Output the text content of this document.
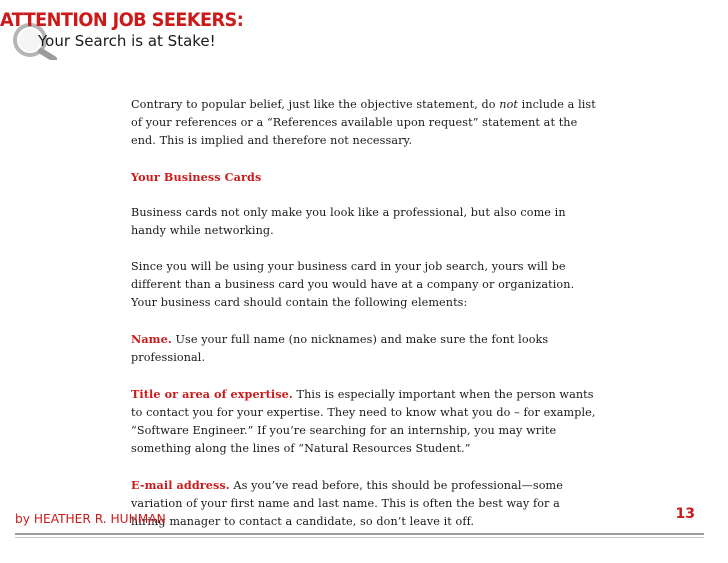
ATTENTION JOB SEEKERS:
Your Search is at Stake!

Contrary to popular belief, just like the objective statement, do not include a list of your references or a “References available upon request” statement at the end. This is implied and therefore not necessary.

Your Business Cards

Business cards not only make you look like a professional, but also come in handy while networking.

Since you will be using your business card in your job search, yours will be different than a business card you would have at a company or organization. Your business card should contain the following elements:

Name. Use your full name (no nicknames) and make sure the font looks professional.

Title or area of expertise. This is especially important when the person wants to contact you for your expertise. They need to know what you do – for example, “Software Engineer.” If you’re searching for an internship, you may write something along the lines of “Natural Resources Student.”

E-mail address. As you’ve read before, this should be professional—some variation of your first name and last name. This is often the best way for a hiring manager to contact a candidate, so don’t leave it off.

by HEATHER R. HUHMAN	13
